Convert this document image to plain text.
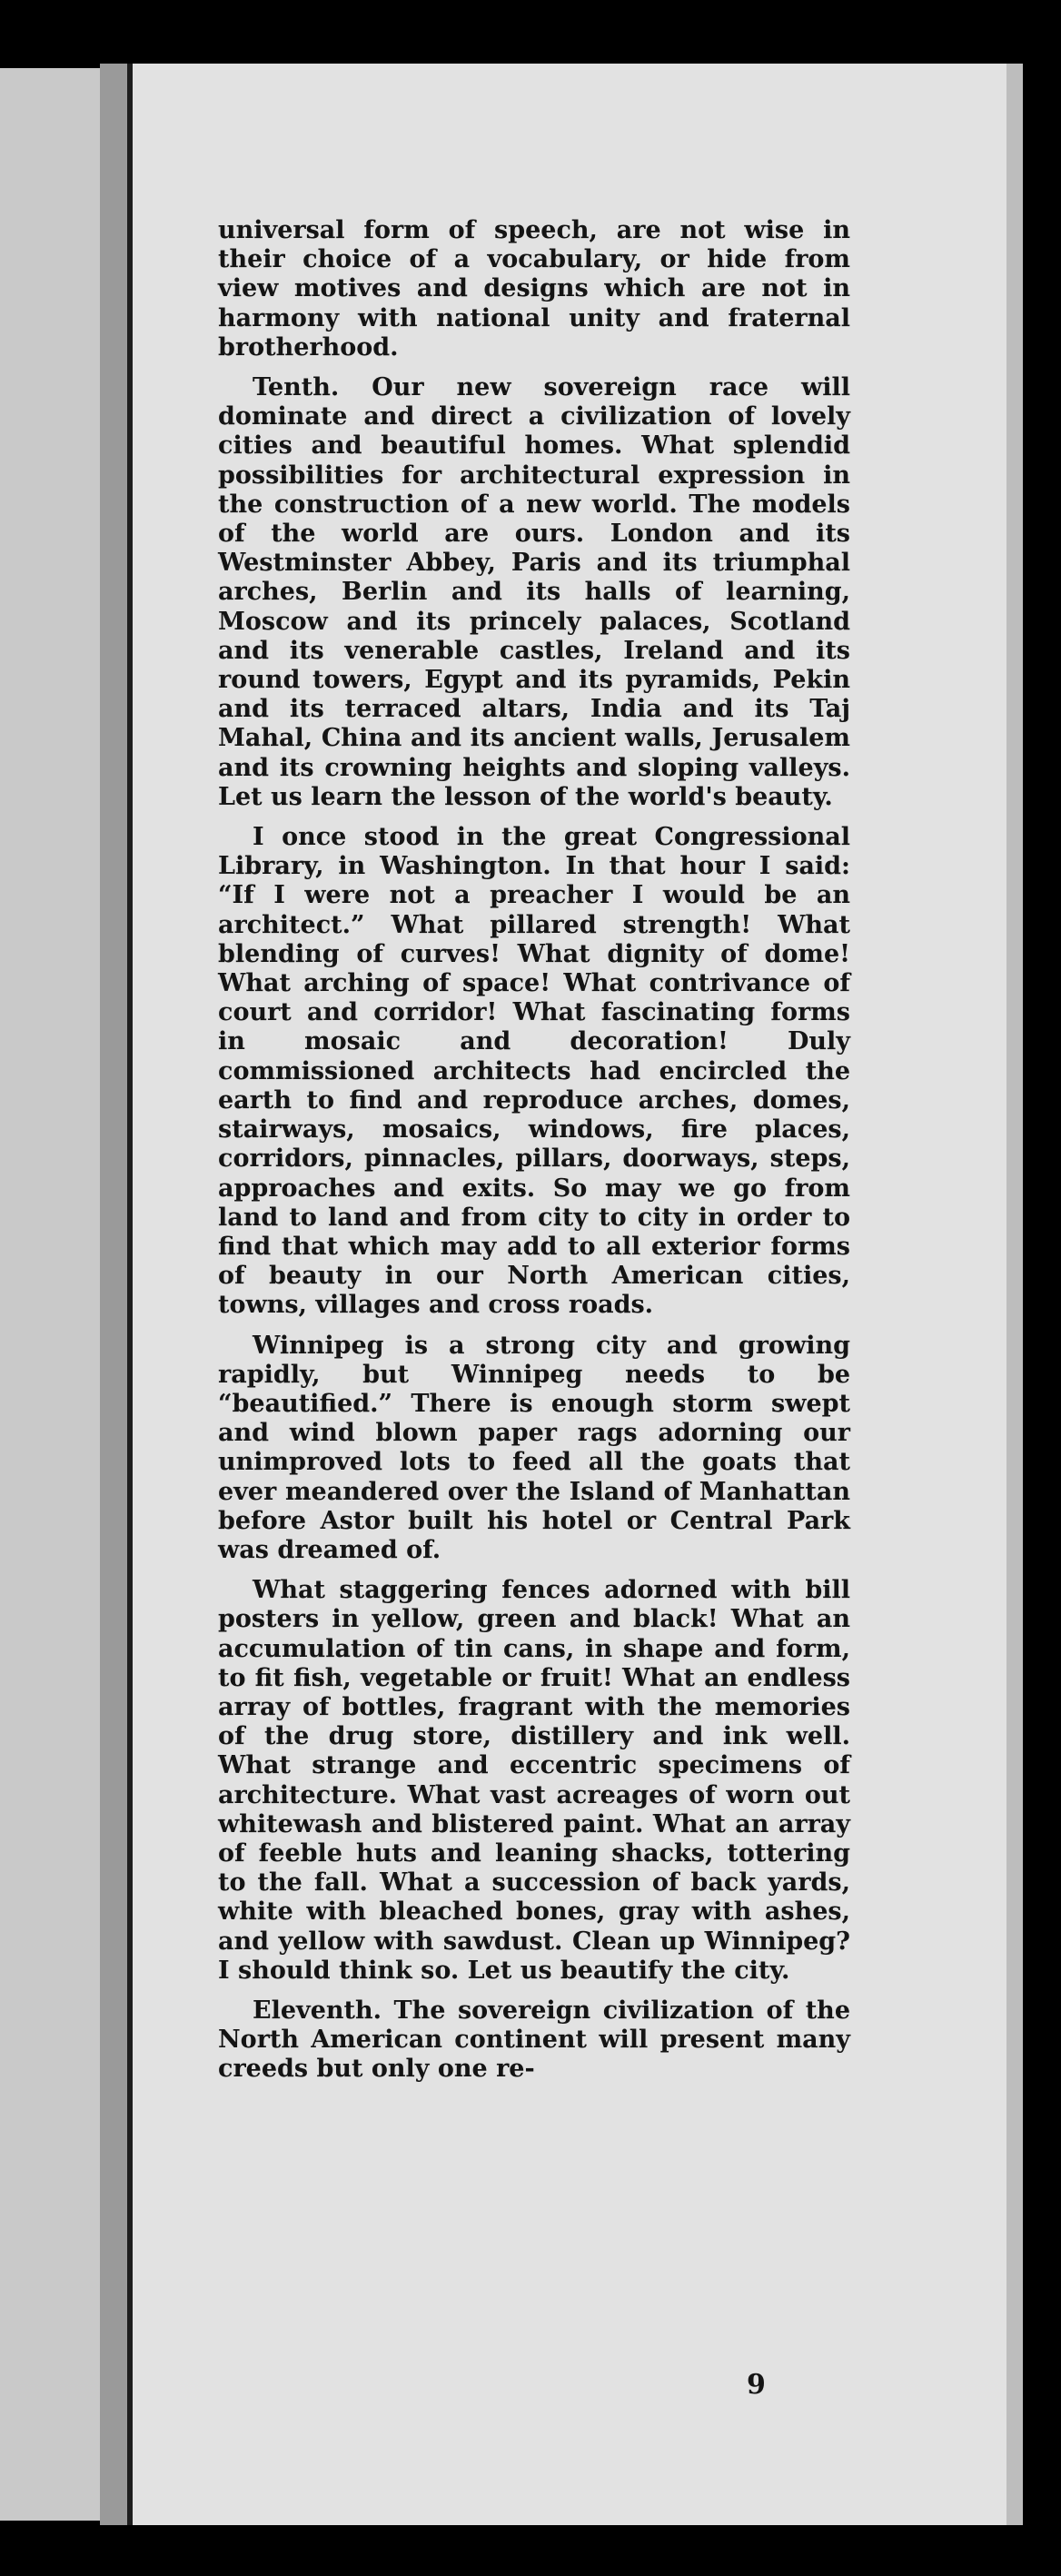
universal form of speech, are not wise in their choice of a vocabulary, or hide from view motives and designs which are not in harmony with national unity and fraternal brotherhood.

Tenth. Our new sovereign race will dominate and direct a civilization of lovely cities and beautiful homes. What splendid possibilities for architectural expression in the construction of a new world. The models of the world are ours. London and its Westminster Abbey, Paris and its triumphal arches, Berlin and its halls of learning, Moscow and its princely palaces, Scotland and its venerable castles, Ireland and its round towers, Egypt and its pyramids, Pekin and its terraced altars, India and its Taj Mahal, China and its ancient walls, Jerusalem and its crowning heights and sloping valleys. Let us learn the lesson of the world's beauty.

I once stood in the great Congressional Library, in Washington. In that hour I said: “If I were not a preacher I would be an architect.” What pillared strength! What blending of curves! What dignity of dome! What arching of space! What contrivance of court and corridor! What fascinating forms in mosaic and decoration! Duly commissioned architects had encircled the earth to find and reproduce arches, domes, stairways, mosaics, windows, fire places, corridors, pinnacles, pillars, doorways, steps, approaches and exits. So may we go from land to land and from city to city in order to find that which may add to all exterior forms of beauty in our North American cities, towns, villages and cross roads.

Winnipeg is a strong city and growing rapidly, but Winnipeg needs to be “beautified.” There is enough storm swept and wind blown paper rags adorning our unimproved lots to feed all the goats that ever meandered over the Island of Manhattan before Astor built his hotel or Central Park was dreamed of.

What staggering fences adorned with bill posters in yellow, green and black! What an accumulation of tin cans, in shape and form, to fit fish, vegetable or fruit! What an endless array of bottles, fragrant with the memories of the drug store, distillery and ink well. What strange and eccentric specimens of architecture. What vast acreages of worn out whitewash and blistered paint. What an array of feeble huts and leaning shacks, tottering to the fall. What a succession of back yards, white with bleached bones, gray with ashes, and yellow with sawdust. Clean up Winnipeg? I should think so. Let us beautify the city.

Eleventh. The sovereign civilization of the North American continent will present many creeds but only one re-

9
